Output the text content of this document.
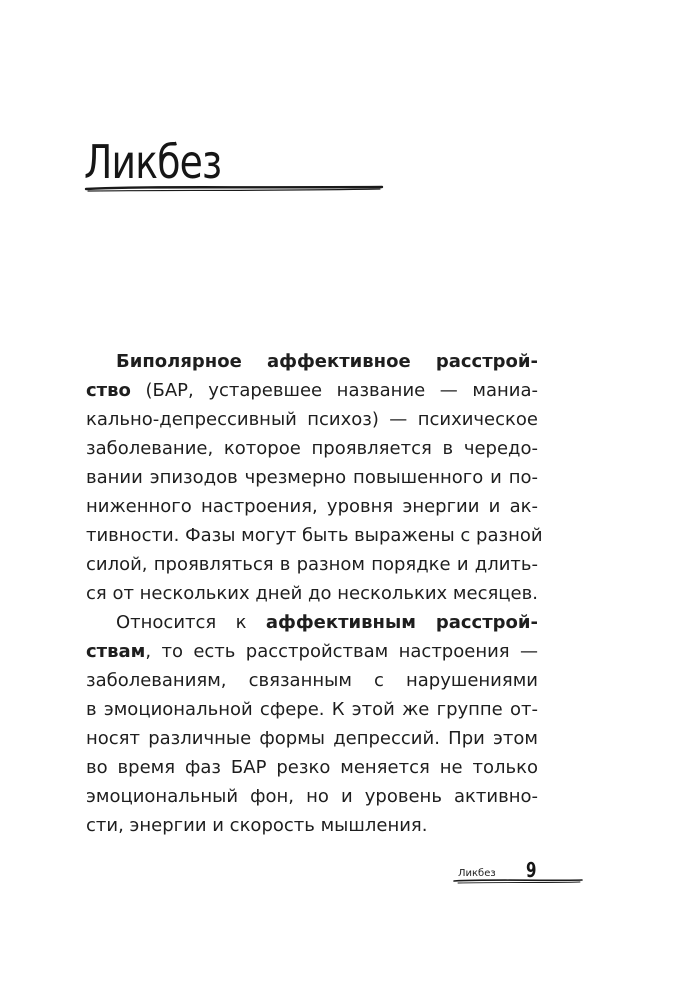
Ликбез
Биполярное аффективное расстрой-
ство (БАР, устаревшее название — маниа-
кально-депрессивный психоз) — психическое
заболевание, которое проявляется в чередо-
вании эпизодов чрезмерно повышенного и по-
ниженного настроения, уровня энергии и ак-
тивности. Фазы могут быть выражены с разной
силой, проявляться в разном порядке и длить-
ся от нескольких дней до нескольких месяцев.
Относится к аффективным расстрой-
ствам, то есть расстройствам настроения —
заболеваниям, связанным с нарушениями
в эмоциональной сфере. К этой же группе от-
носят различные формы депрессий. При этом
во время фаз БАР резко меняется не только
эмоциональный фон, но и уровень активно-
сти, энергии и скорость мышления.
Ликбез 9
